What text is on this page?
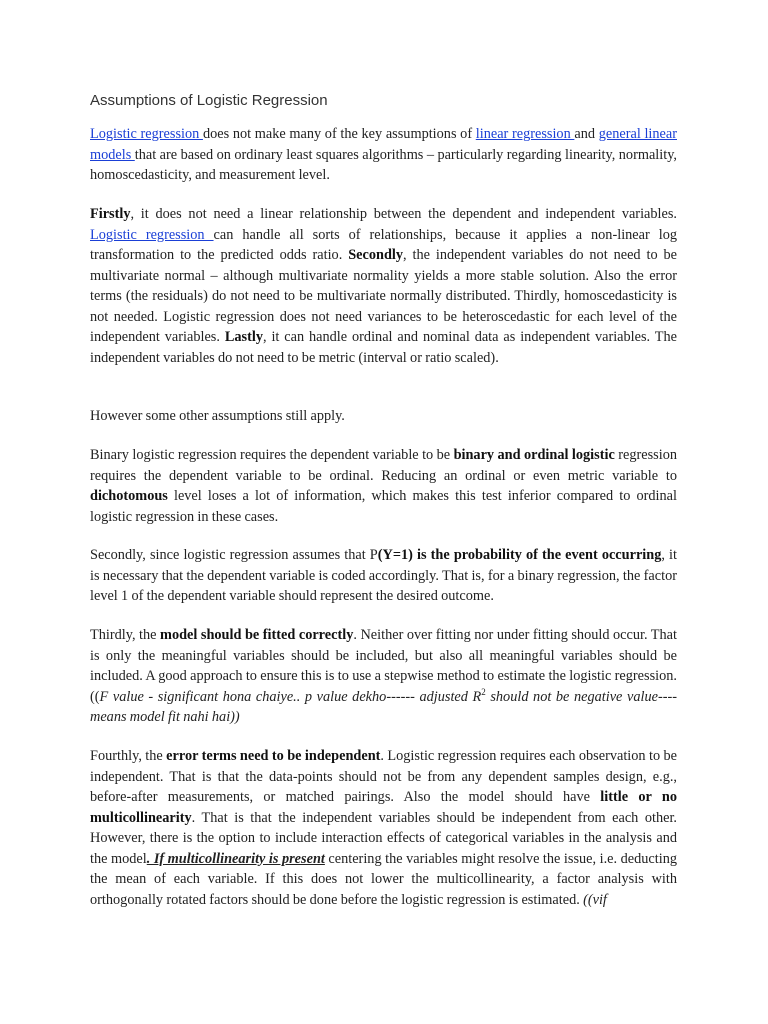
Assumptions of Logistic Regression
Logistic regression does not make many of the key assumptions of linear regression and general linear models that are based on ordinary least squares algorithms – particularly regarding linearity, normality, homoscedasticity, and measurement level.
Firstly, it does not need a linear relationship between the dependent and independent variables. Logistic regression can handle all sorts of relationships, because it applies a non-linear log transformation to the predicted odds ratio. Secondly, the independent variables do not need to be multivariate normal – although multivariate normality yields a more stable solution. Also the error terms (the residuals) do not need to be multivariate normally distributed. Thirdly, homoscedasticity is not needed. Logistic regression does not need variances to be heteroscedastic for each level of the independent variables. Lastly, it can handle ordinal and nominal data as independent variables. The independent variables do not need to be metric (interval or ratio scaled).
However some other assumptions still apply.
Binary logistic regression requires the dependent variable to be binary and ordinal logistic regression requires the dependent variable to be ordinal. Reducing an ordinal or even metric variable to dichotomous level loses a lot of information, which makes this test inferior compared to ordinal logistic regression in these cases.
Secondly, since logistic regression assumes that P(Y=1) is the probability of the event occurring, it is necessary that the dependent variable is coded accordingly. That is, for a binary regression, the factor level 1 of the dependent variable should represent the desired outcome.
Thirdly, the model should be fitted correctly. Neither over fitting nor under fitting should occur. That is only the meaningful variables should be included, but also all meaningful variables should be included. A good approach to ensure this is to use a stepwise method to estimate the logistic regression. ((F value - significant hona chaiye.. p value dekho------ adjusted $R^2$ should not be negative value---- means model fit nahi hai))
Fourthly, the error terms need to be independent. Logistic regression requires each observation to be independent. That is that the data-points should not be from any dependent samples design, e.g., before-after measurements, or matched pairings. Also the model should have little or no multicollinearity. That is that the independent variables should be independent from each other. However, there is the option to include interaction effects of categorical variables in the analysis and the model. If multicollinearity is present centering the variables might resolve the issue, i.e. deducting the mean of each variable. If this does not lower the multicollinearity, a factor analysis with orthogonally rotated factors should be done before the logistic regression is estimated. ((vif
